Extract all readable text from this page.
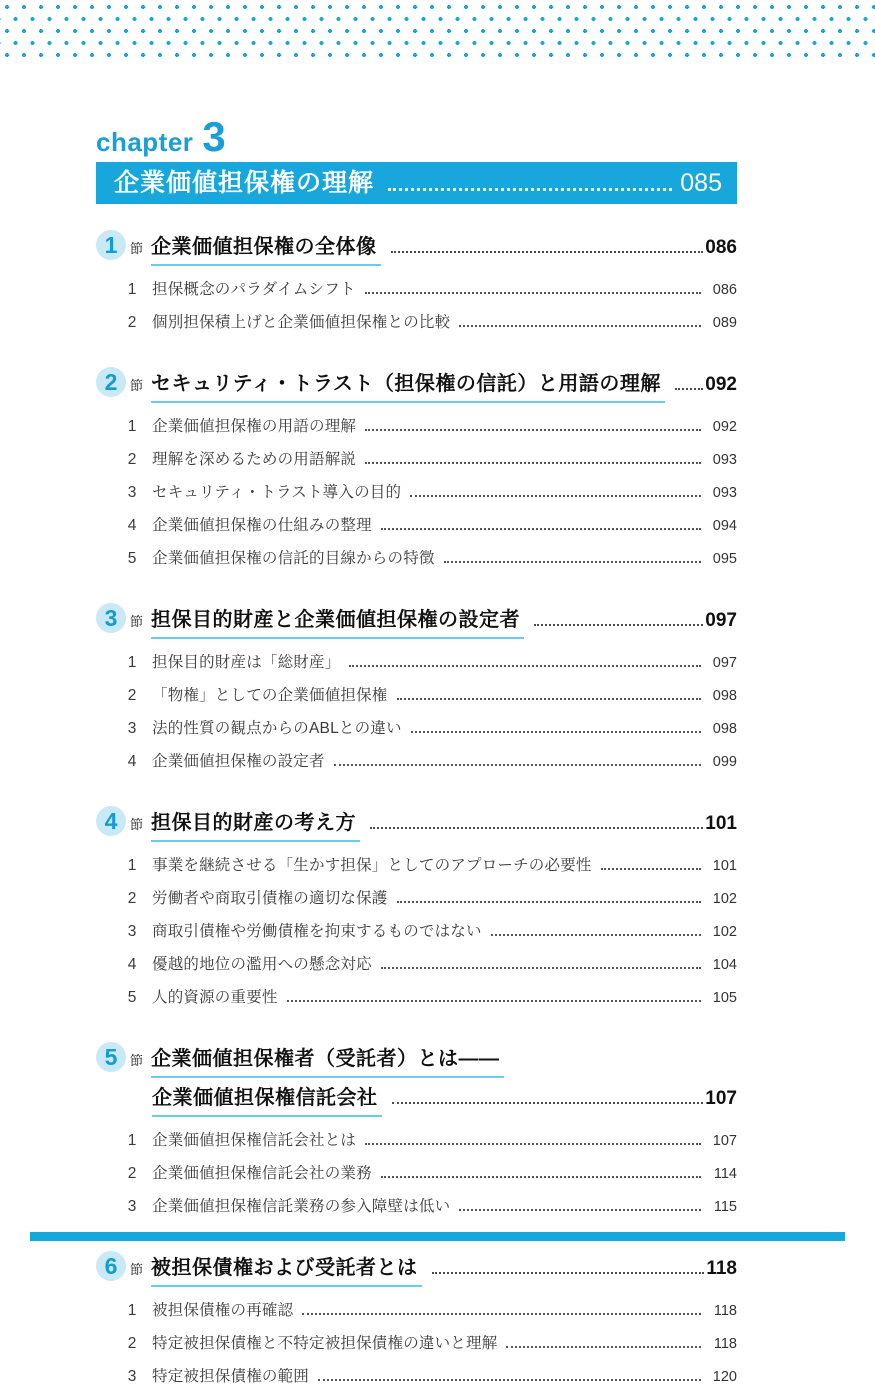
chapter 3
企業価値担保権の理解	085
1 節 企業価値担保権の全体像	086
1	担保概念のパラダイムシフト	086
2	個別担保積上げと企業価値担保権との比較	089
2 節 セキュリティ・トラスト（担保権の信託）と用語の理解 092
1	企業価値担保権の用語の理解	092
2	理解を深めるための用語解説	093
3	セキュリティ・トラスト導入の目的	093
4	企業価値担保権の仕組みの整理	094
5	企業価値担保権の信託的目線からの特徴	095
3 節 担保目的財産と企業価値担保権の設定者	097
1	担保目的財産は「総財産」	097
2	「物権」としての企業価値担保権	098
3	法的性質の観点からのABLとの違い	098
4	企業価値担保権の設定者	099
4 節 担保目的財産の考え方	101
1	事業を継続させる「生かす担保」としてのアプローチの必要性	101
2	労働者や商取引債権の適切な保護	102
3	商取引債権や労働債権を拘束するものではない	102
4	優越的地位の濫用への懸念対応	104
5	人的資源の重要性	105
5 節 企業価値担保権者（受託者）とは――
企業価値担保権信託会社	107
1	企業価値担保権信託会社とは	107
2	企業価値担保権信託会社の業務	114
3	企業価値担保権信託業務の参入障壁は低い	115
6 節 被担保債権および受託者とは	118
1	被担保債権の再確認	118
2	特定被担保債権と不特定被担保債権の違いと理解	118
3	特定被担保債権の範囲	120
